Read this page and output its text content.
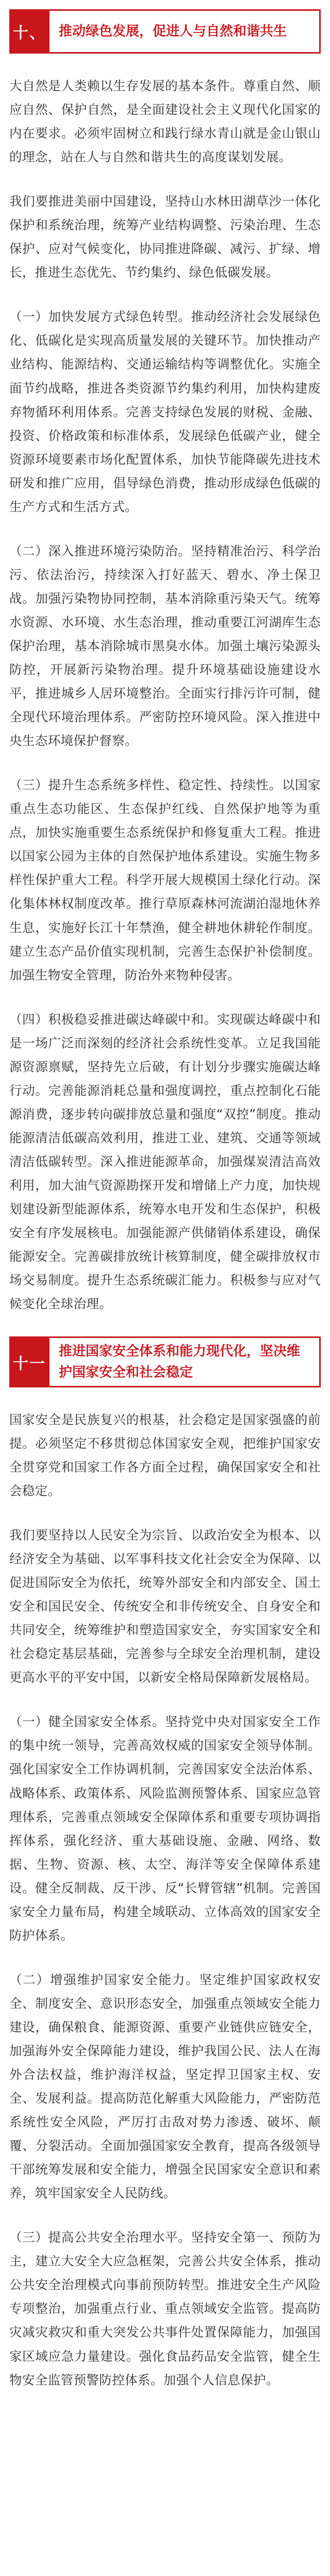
十、 推动绿色发展，促进人与自然和谐共生

大自然是人类赖以生存发展的基本条件。尊重自然、顺应自然、保护自然，是全面建设社会主义现代化国家的内在要求。必须牢固树立和践行绿水青山就是金山银山的理念，站在人与自然和谐共生的高度谋划发展。

我们要推进美丽中国建设，坚持山水林田湖草沙一体化保护和系统治理，统筹产业结构调整、污染治理、生态保护、应对气候变化，协同推进降碳、减污、扩绿、增长，推进生态优先、节约集约、绿色低碳发展。

（一）加快发展方式绿色转型。推动经济社会发展绿色化、低碳化是实现高质量发展的关键环节。加快推动产业结构、能源结构、交通运输结构等调整优化。实施全面节约战略，推进各类资源节约集约利用，加快构建废弃物循环利用体系。完善支持绿色发展的财税、金融、投资、价格政策和标准体系，发展绿色低碳产业，健全资源环境要素市场化配置体系，加快节能降碳先进技术研发和推广应用，倡导绿色消费，推动形成绿色低碳的生产方式和生活方式。

（二）深入推进环境污染防治。坚持精准治污、科学治污、依法治污，持续深入打好蓝天、碧水、净土保卫战。加强污染物协同控制，基本消除重污染天气。统筹水资源、水环境、水生态治理，推动重要江河湖库生态保护治理，基本消除城市黑臭水体。加强土壤污染源头防控，开展新污染物治理。提升环境基础设施建设水平，推进城乡人居环境整治。全面实行排污许可制，健全现代环境治理体系。严密防控环境风险。深入推进中央生态环境保护督察。

（三）提升生态系统多样性、稳定性、持续性。以国家重点生态功能区、生态保护红线、自然保护地等为重点，加快实施重要生态系统保护和修复重大工程。推进以国家公园为主体的自然保护地体系建设。实施生物多样性保护重大工程。科学开展大规模国土绿化行动。深化集体林权制度改革。推行草原森林河流湖泊湿地休养生息，实施好长江十年禁渔，健全耕地休耕轮作制度。建立生态产品价值实现机制，完善生态保护补偿制度。加强生物安全管理，防治外来物种侵害。

（四）积极稳妥推进碳达峰碳中和。实现碳达峰碳中和是一场广泛而深刻的经济社会系统性变革。立足我国能源资源禀赋，坚持先立后破，有计划分步骤实施碳达峰行动。完善能源消耗总量和强度调控，重点控制化石能源消费，逐步转向碳排放总量和强度“双控”制度。推动能源清洁低碳高效利用，推进工业、建筑、交通等领域清洁低碳转型。深入推进能源革命，加强煤炭清洁高效利用，加大油气资源勘探开发和增储上产力度，加快规划建设新型能源体系，统筹水电开发和生态保护，积极安全有序发展核电。加强能源产供储销体系建设，确保能源安全。完善碳排放统计核算制度，健全碳排放权市场交易制度。提升生态系统碳汇能力。积极参与应对气候变化全球治理。

十一
推进国家安全体系和能力现代化，坚决维护国家安全和社会稳定

国家安全是民族复兴的根基，社会稳定是国家强盛的前提。必须坚定不移贯彻总体国家安全观，把维护国家安全贯穿党和国家工作各方面全过程，确保国家安全和社会稳定。

我们要坚持以人民安全为宗旨、以政治安全为根本、以经济安全为基础、以军事科技文化社会安全为保障、以促进国际安全为依托，统筹外部安全和内部安全、国土安全和国民安全、传统安全和非传统安全、自身安全和共同安全，统筹维护和塑造国家安全，夯实国家安全和社会稳定基层基础，完善参与全球安全治理机制，建设更高水平的平安中国，以新安全格局保障新发展格局。

（一）健全国家安全体系。坚持党中央对国家安全工作的集中统一领导，完善高效权威的国家安全领导体制。强化国家安全工作协调机制，完善国家安全法治体系、战略体系、政策体系、风险监测预警体系、国家应急管理体系，完善重点领域安全保障体系和重要专项协调指挥体系，强化经济、重大基础设施、金融、网络、数据、生物、资源、核、太空、海洋等安全保障体系建设。健全反制裁、反干涉、反“长臂管辖”机制。完善国家安全力量布局，构建全域联动、立体高效的国家安全防护体系。

（二）增强维护国家安全能力。坚定维护国家政权安全、制度安全、意识形态安全，加强重点领域安全能力建设，确保粮食、能源资源、重要产业链供应链安全，加强海外安全保障能力建设，维护我国公民、法人在海外合法权益，维护海洋权益，坚定捍卫国家主权、安全、发展利益。提高防范化解重大风险能力，严密防范系统性安全风险，严厉打击敌对势力渗透、破坏、颠覆、分裂活动。全面加强国家安全教育，提高各级领导干部统筹发展和安全能力，增强全民国家安全意识和素养，筑牢国家安全人民防线。

（三）提高公共安全治理水平。坚持安全第一、预防为主，建立大安全大应急框架，完善公共安全体系，推动公共安全治理模式向事前预防转型。推进安全生产风险专项整治，加强重点行业、重点领域安全监管。提高防灾减灾救灾和重大突发公共事件处置保障能力，加强国家区域应急力量建设。强化食品药品安全监管，健全生物安全监管预警防控体系。加强个人信息保护。
